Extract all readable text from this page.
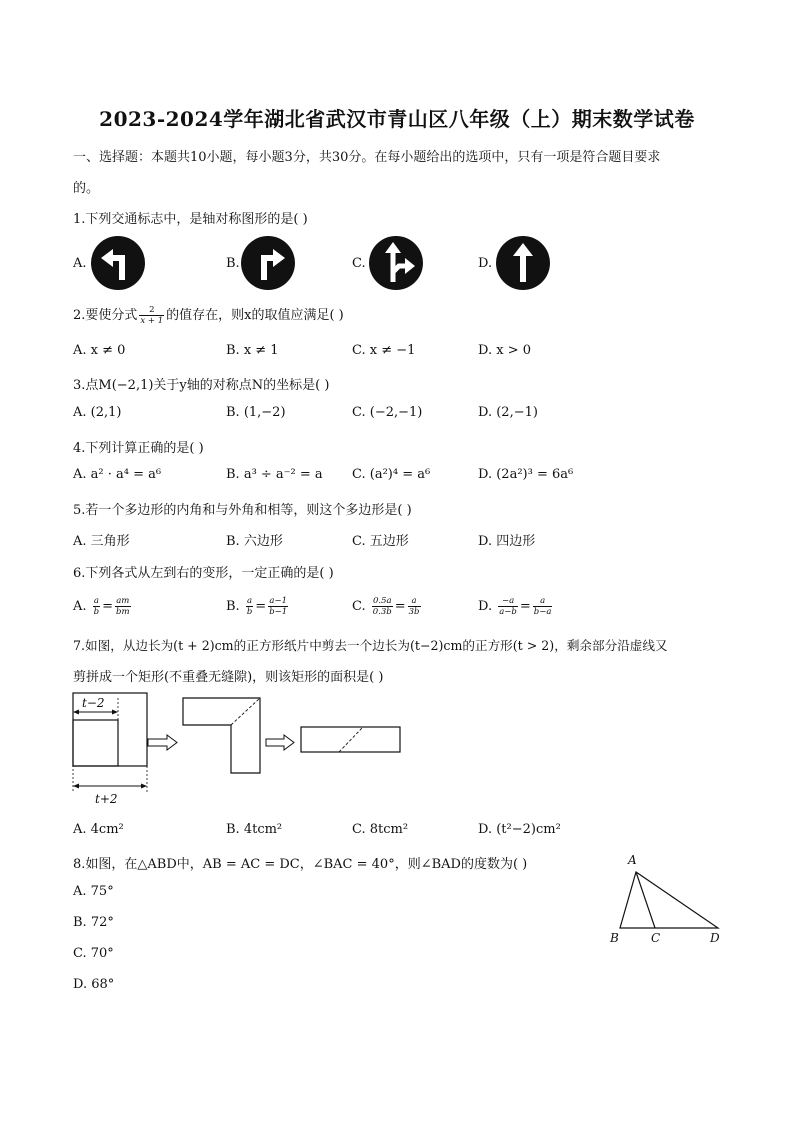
2023-2024学年湖北省武汉市青山区八年级（上）期末数学试卷
一、选择题：本题共10小题，每小题3分，共30分。在每小题给出的选项中，只有一项是符合题目要求
的。
1.下列交通标志中，是轴对称图形的是( )
A.	B.	C.	D.
2.要使分式 $\frac{2}{x + 1}$ 的值存在，则x的取值应满足( )
A. x ≠ 0	B. x ≠ 1	C. x ≠ −1	D. x > 0
3.点M(−2,1)关于y轴的对称点N的坐标是( )
A. (2,1)	B. (1,−2)	C. (−2,−1)	D. (2,−1)
4.下列计算正确的是( )
A. a² · a⁴ = a⁶	B. a³ ÷ a⁻² = a C. (a²)⁴ = a⁶	D. (2a²)³ = 6a⁶
5.若一个多边形的内角和与外角和相等，则这个多边形是( )
A. 三角形	B. 六边形	C. 五边形	D. 四边形
6.下列各式从左到右的变形，一定正确的是( )
A. $\frac{a}{b} = \frac{am}{bm}$	B. $\frac{a}{b} = \frac{a-1}{b-1}$	C. $\frac{0.5a}{0.3b} = \frac{a}{3b}$	D. $\frac{-a}{a-b} = \frac{a}{b-a}$
7.如图，从边长为(t + 2)cm的正方形纸片中剪去一个边长为(t−2)cm的正方形(t > 2)，剩余部分沿虚线又
剪拼成一个矩形(不重叠无缝隙)，则该矩形的面积是( )
t−2
t+2
A. 4cm²	B. 4tcm²	C. 8tcm²	D. (t²−2)cm²
8.如图，在△ABD中，AB = AC = DC，∠BAC = 40°，则∠BAD的度数为( )
A. 75°
B. 72°
C. 70°
D. 68°
A
B	C	D
